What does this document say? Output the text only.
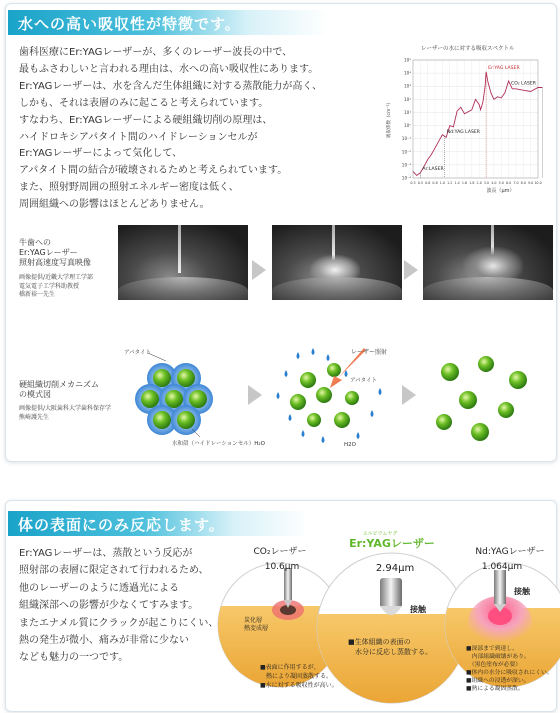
水への高い吸収性が特徴です。
歯科医療にEr:YAGレーザーが、多くのレーザー波長の中で、
最もふさわしいと言われる理由は、水への高い吸収性にあります。
Er:YAGレーザーは、水を含んだ生体組織に対する蒸散能力が高く、
しかも、それは表層のみに起こると考えられています。
すなわち、Er:YAGレーザーによる硬組織切削の原理は、
ハイドロキシアパタイト間のハイドレーションセルが
Er:YAGレーザーによって気化して、
アパタイト間の結合が破壊されるためと考えられています。
また、照射野周囲の照射エネルギー密度は低く、
周囲組織への影響はほとんどありません。
レーザーの水に対する吸収スペクトル
10⁻⁴
10⁻³
10⁻²
10⁻¹
10⁰
10¹
10²
10³
10⁴
10⁵
0.3 0.5 0.6 0.8 1.0 1.2 1.4 1.6 1.8 2.0 3.0 4.0 5.0 6.0 7.0 8.0 9.0 10.0
Nd:YAG LASER
Er:YAG LASER
CO₂ LASER
Ar:LASER
波長（μm）
吸収係数（cm⁻¹）
牛歯への
Er:YAGレーザー
照射高速度写真映像
画像提供/近畿大学理工学部
電気電子工学科助教授
橋新裕一先生
硬組織切削メカニズム
の模式図
画像提供/大阪歯科大学歯科保存学
熊崎護先生
アパタイト
水和殻（ハイドレーションセル）H₂O
レーザー照射
アパタイト
H2O
体の表面にのみ反応します。
Er:YAGレーザーは、蒸散という反応が
照射部の表層に限定されて行われるため、
他のレーザーのように透過光による
組織深部への影響が少なくてすみます。
またエナメル質にクラックが起こりにくい、
熱の発生が微小、痛みが非常に少ない
なども魅力の一つです。
CO₂レーザー
10.6μm
炭化層
熱変成層
■表面に作用するが、
　熱により凝固蒸散する。
■水に対する吸収性が高い。
エルビウムヤグ
Er:YAGレーザー
2.94μm
接触
■生体組織の表面の
　水分に反応し蒸散する。
Nd:YAGレーザー
1.064μm
接触
■深部まで到達し、
　内部組織破壊があり。
　（黒色塗布が必要）
■体内の水分に吸収されにくい。
■組織への浸透が深い。
■熱による凝固蒸散。
